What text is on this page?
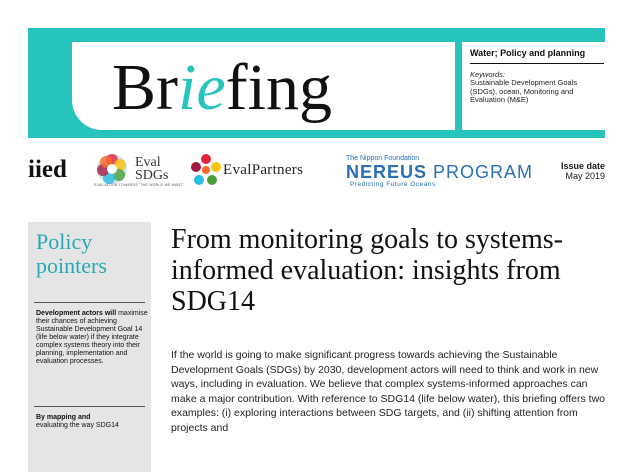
Briefing	Water; Policy and planning
Keywords:
Sustainable Development Goals (SDGs), ocean, Monitoring and Evaluation (M&E)
iied	Eval
SDGs
EVALUATION TOWARDS "THE WORLD WE WANT"
EvalPartners
The Nippon Foundation
NEREUS PROGRAM
Predicting Future Oceans
Issue date
May 2019
Policy
pointers
Development actors will maximise their chances of achieving Sustainable Development Goal 14 (life below water) if they integrate complex systems theory into their planning, implementation and evaluation processes.
By mapping and
evaluating the way SDG14
From monitoring goals to systems-informed evaluation: insights from SDG14
If the world is going to make significant progress towards achieving the Sustainable Development Goals (SDGs) by 2030, development actors will need to think and work in new ways, including in evaluation. We believe that complex systems-informed approaches can make a major contribution. With reference to SDG14 (life below water), this briefing offers two examples: (i) exploring interactions between SDG targets, and (ii) shifting attention from projects and
